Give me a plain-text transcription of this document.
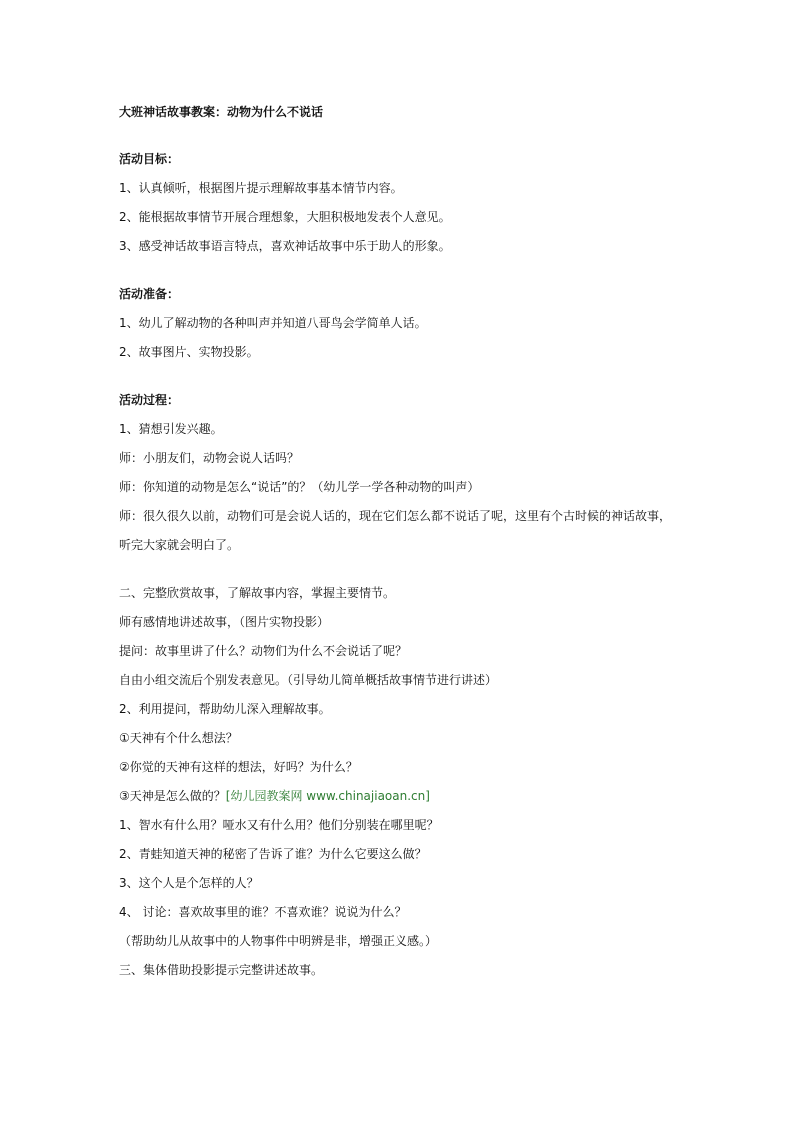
大班神话故事教案：动物为什么不说话
活动目标：
1、认真倾听，根据图片提示理解故事基本情节内容。
2、能根据故事情节开展合理想象，大胆积极地发表个人意见。
3、感受神话故事语言特点，喜欢神话故事中乐于助人的形象。
活动准备：
1、幼儿了解动物的各种叫声并知道八哥鸟会学简单人话。
2、故事图片、实物投影。
活动过程：
1、猜想引发兴趣。
师：小朋友们，动物会说人话吗？
师：你知道的动物是怎么“说话”的？（幼儿学一学各种动物的叫声）
师：很久很久以前，动物们可是会说人话的，现在它们怎么都不说话了呢，这里有个古时候的神话故事，
听完大家就会明白了。
二、完整欣赏故事，了解故事内容，掌握主要情节。
师有感情地讲述故事，（图片实物投影）
提问：故事里讲了什么？动物们为什么不会说话了呢？
自由小组交流后个别发表意见。（引导幼儿简单概括故事情节进行讲述）
2、利用提问，帮助幼儿深入理解故事。
①天神有个什么想法？
②你觉的天神有这样的想法，好吗？为什么？
③天神是怎么做的？[幼儿园教案网 www.chinajiaoan.cn]
1、智水有什么用？哑水又有什么用？他们分别装在哪里呢？
2、青蛙知道天神的秘密了告诉了谁？为什么它要这么做？
3、这个人是个怎样的人？
4、 讨论：喜欢故事里的谁？不喜欢谁？说说为什么？
（帮助幼儿从故事中的人物事件中明辨是非，增强正义感。）
三、集体借助投影提示完整讲述故事。
